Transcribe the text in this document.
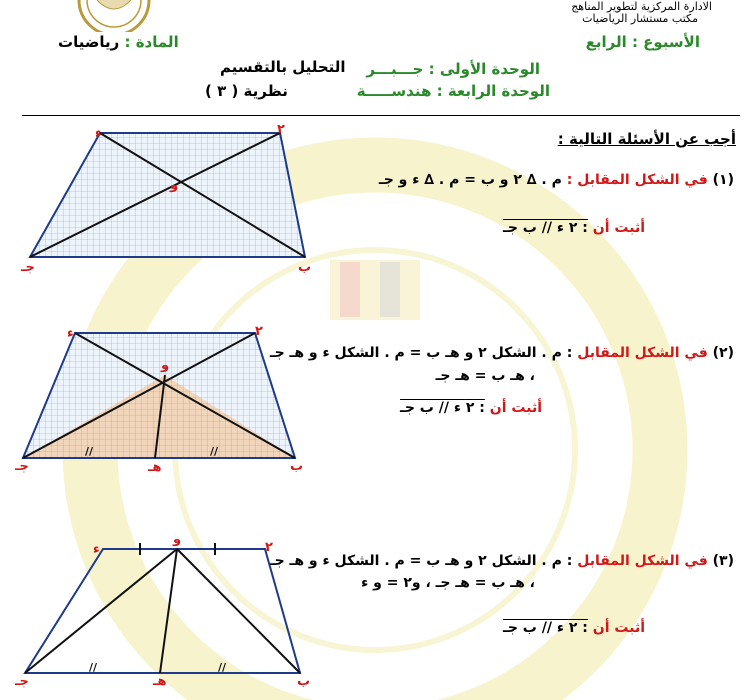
الادارة المركزية لتطوير المناهج
مكتب مستشار الرياضيات
الأسبوع : الرابع
المادة : رياضيات
الوحدة الأولى : جـــبـــر
التحليل بالتقسيم
الوحدة الرابعة : هندســـــة
نظرية ( ٣ )
أجب عن الأسئلة التالية :
(١) في الشكل المقابل : م . ∆ ٢ و ب = م . ∆ ء و جـ
أثبت أن : ٢ ء // ب جـ
(٢) في الشكل المقابل : م . الشكل ٢ و هـ ب = م . الشكل ء و هـ جـ
، هـ ب = هـ جـ
أثبت أن : ٢ ء // ب جـ
(٣) في الشكل المقابل : م . الشكل ٢ و هـ ب = م . الشكل ء و هـ جـ
، هـ ب = هـ جـ ، و٢ = و ء
أثبت أن : ٢ ء // ب جـ
ء	٢
ب
جـ
و
//	//
ء	٢
ب
جـ
و
هـ
//	//
ء	٢
ب
جـ
و
هـ
